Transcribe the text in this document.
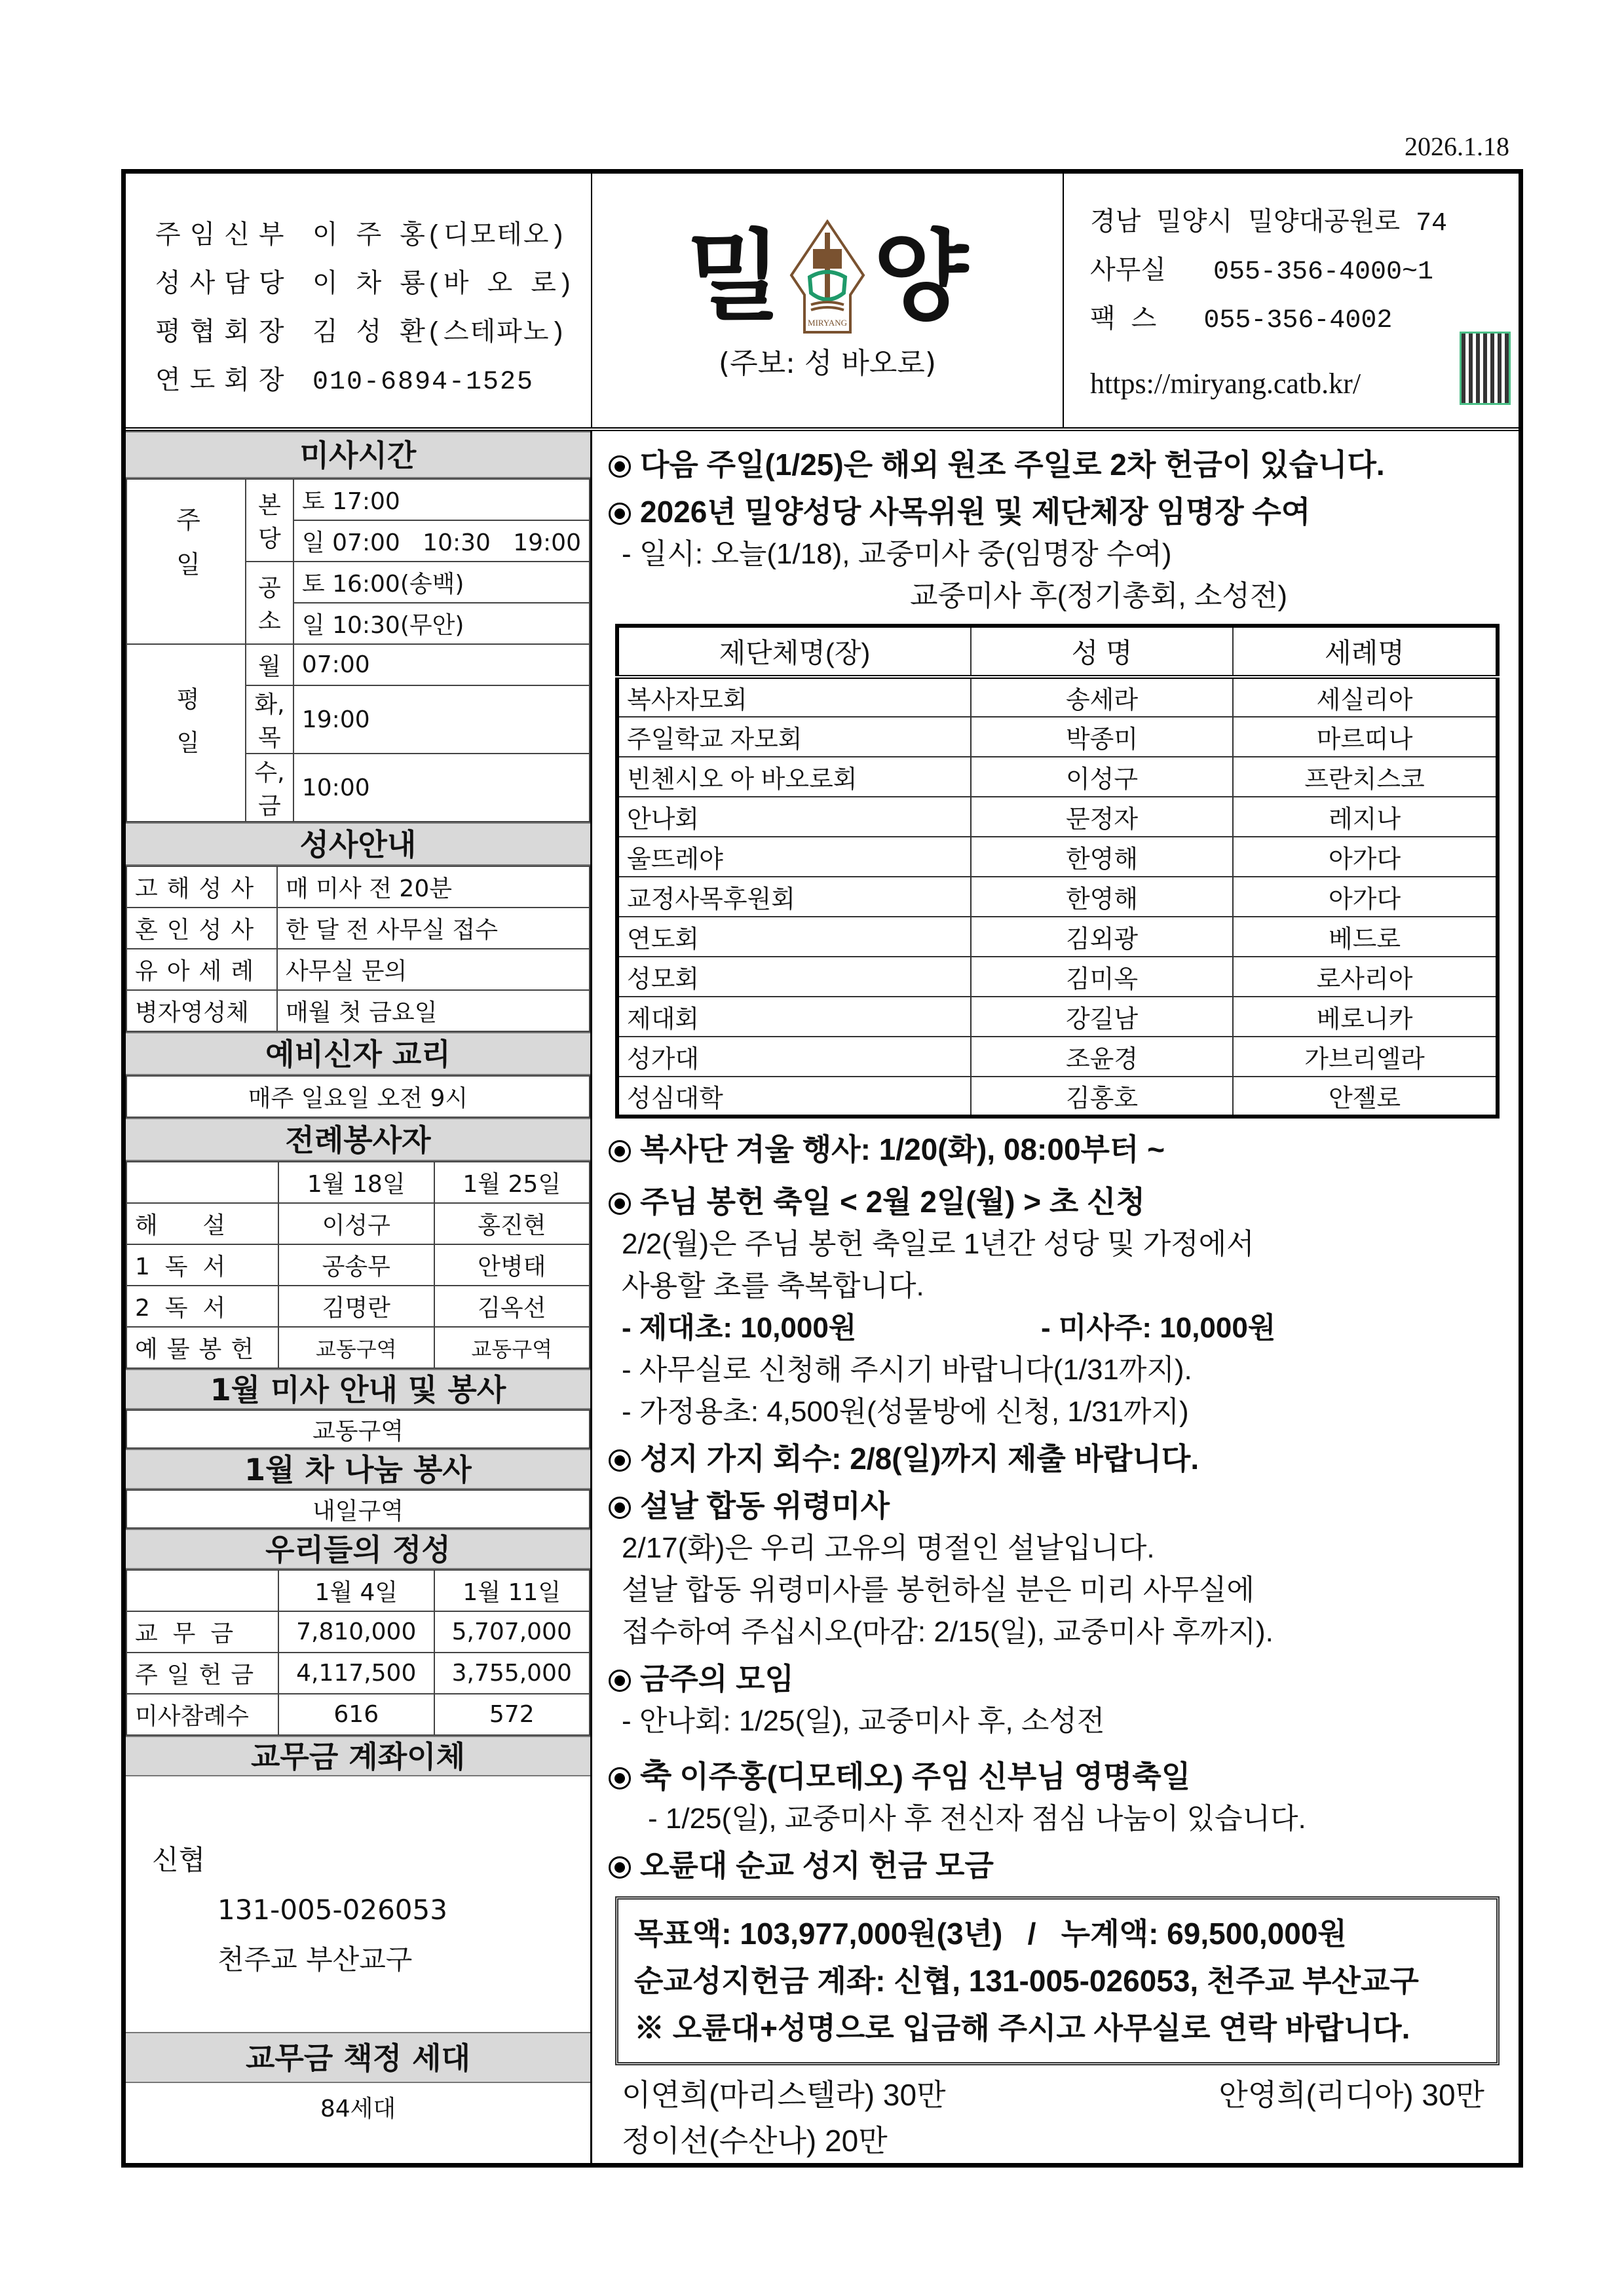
2026.1.18
주임신부 이 주 홍(디모테오)
성사담당 이 차 룡(바 오 로)
평협회장 김 성 환(스테파노)
연도회장 010-6894-1525
밀	MIRYANG 양
(주보: 성 바오로)
경남 밀양시 밀양대공원로 74
사무실 055-356-4000~1
팩 스 055-356-4002
https://miryang.catb.kr/
미사시간
주일	본당	토 17:00
		일 07:00   10:30   19:00
	공소	토 16:00(송백)
		일 10:30(무안)
평일	월	07:00
	화,목	19:00
	수,금	10:00
성사안내
고해성사	매 미사 전 20분
혼인성사	한 달 전 사무실 접수
유아세례	사무실 문의
병자영성체	매월 첫 금요일
예비신자 교리
매주 일요일 오전 9시
전례봉사자
	1월 18일	1월 25일
해      설	이성구	홍진현
1  독  서	공송무	안병태
2  독  서	김명란	김옥선
예물봉헌	교동구역	교동구역
1월 미사 안내 및 봉사
교동구역
1월 차 나눔 봉사
내일구역
우리들의 정성
	1월 4일	1월 11일
교  무  금	7,810,000	5,707,000
주일헌금	4,117,500	3,755,000
미사참례수	616	572
교무금 계좌이체
신협
131-005-026053
천주교 부산교구
교무금 책정 세대
84세대
다음 주일(1/25)은 해외 원조 주일로 2차 헌금이 있습니다.
2026년 밀양성당 사목위원 및 제단체장 임명장 수여
- 일시: 오늘(1/18), 교중미사 중(임명장 수여)
교중미사 후(정기총회, 소성전)
제단체명(장)	성 명	세례명
복사자모회	송세라	세실리아
주일학교 자모회	박종미	마르띠나
빈첸시오 아 바오로회	이성구	프란치스코
안나회	문정자	레지나
울뜨레야	한영해	아가다
교정사목후원회	한영해	아가다
연도회	김외광	베드로
성모회	김미옥	로사리아
제대회	강길남	베로니카
성가대	조윤경	가브리엘라
성심대학	김홍호	안젤로
복사단 겨울 행사: 1/20(화), 08:00부터 ~
주님 봉헌 축일 < 2월 2일(월) > 초 신청
2/2(월)은 주님 봉헌 축일로 1년간 성당 및 가정에서
사용할 초를 축복합니다.
- 제대초: 10,000원	- 미사주: 10,000원
- 사무실로 신청해 주시기 바랍니다(1/31까지).
- 가정용초: 4,500원(성물방에 신청, 1/31까지)
성지 가지 회수: 2/8(일)까지 제출 바랍니다.
설날 합동 위령미사
2/17(화)은 우리 고유의 명절인 설날입니다.
설날 합동 위령미사를 봉헌하실 분은 미리 사무실에
접수하여 주십시오(마감: 2/15(일), 교중미사 후까지).
금주의 모임
- 안나회: 1/25(일), 교중미사 후, 소성전
축 이주홍(디모테오) 주임 신부님 영명축일
- 1/25(일), 교중미사 후 전신자 점심 나눔이 있습니다.
오륜대 순교 성지 헌금 모금
목표액: 103,977,000원(3년)   /   누계액: 69,500,000원
순교성지헌금 계좌: 신협, 131-005-026053, 천주교 부산교구
※ 오륜대+성명으로 입금해 주시고 사무실로 연락 바랍니다.
이연희(마리스텔라) 30만	안영희(리디아) 30만
정이선(수산나) 20만
